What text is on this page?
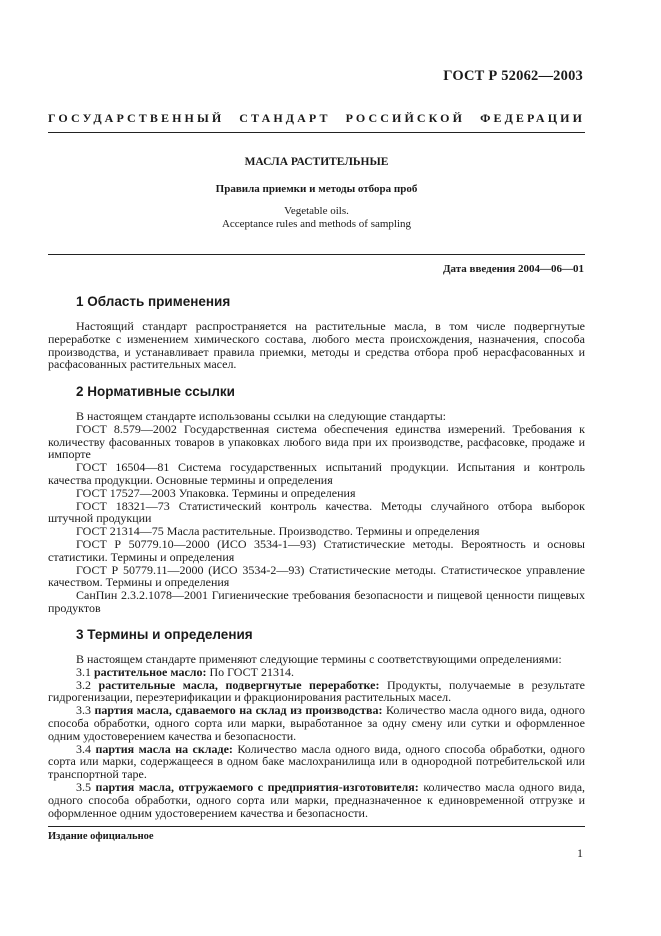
ГОСТ Р 52062—2003
ГОСУДАРСТВЕННЫЙ СТАНДАРТ РОССИЙСКОЙ ФЕДЕРАЦИИ
МАСЛА РАСТИТЕЛЬНЫЕ
Правила приемки и методы отбора проб
Vegetable oils.
Acceptance rules and methods of sampling
Дата введения 2004—06—01
1 Область применения

Настоящий стандарт распространяется на растительные масла, в том числе подвергнутые переработке с изменением химического состава, любого места происхождения, назначения, способа производства, и устанавливает правила приемки, методы и средства отбора проб нерасфасованных и расфасованных растительных масел.

2 Нормативные ссылки

В настоящем стандарте использованы ссылки на следующие стандарты:

ГОСТ 8.579—2002 Государственная система обеспечения единства измерений. Требования к количеству фасованных товаров в упаковках любого вида при их производстве, расфасовке, продаже и импорте

ГОСТ 16504—81 Система государственных испытаний продукции. Испытания и контроль качества продукции. Основные термины и определения

ГОСТ 17527—2003 Упаковка. Термины и определения

ГОСТ 18321—73 Статистический контроль качества. Методы случайного отбора выборок штучной продукции

ГОСТ 21314—75 Масла растительные. Производство. Термины и определения

ГОСТ Р 50779.10—2000 (ИСО 3534-1—93) Статистические методы. Вероятность и основы статистики. Термины и определения

ГОСТ Р 50779.11—2000 (ИСО 3534-2—93) Статистические методы. Статистическое управление качеством. Термины и определения

СанПин 2.3.2.1078—2001 Гигиенические требования безопасности и пищевой ценности пищевых продуктов

3 Термины и определения

В настоящем стандарте применяют следующие термины с соответствующими определениями:

3.1 растительное масло: По ГОСТ 21314.

3.2 растительные масла, подвергнутые переработке: Продукты, получаемые в результате гидрогенизации, переэтерификации и фракционирования растительных масел.

3.3 партия масла, сдаваемого на склад из производства: Количество масла одного вида, одного способа обработки, одного сорта или марки, выработанное за одну смену или сутки и оформленное одним удостоверением качества и безопасности.

3.4 партия масла на складе: Количество масла одного вида, одного способа обработки, одного сорта или марки, содержащееся в одном баке маслохранилища или в однородной потребительской или транспортной таре.

3.5 партия масла, отгружаемого с предприятия-изготовителя: количество масла одного вида, одного способа обработки, одного сорта или марки, предназначенное к единовременной отгрузке и оформленное одним удостоверением качества и безопасности.

Издание официальное
1
